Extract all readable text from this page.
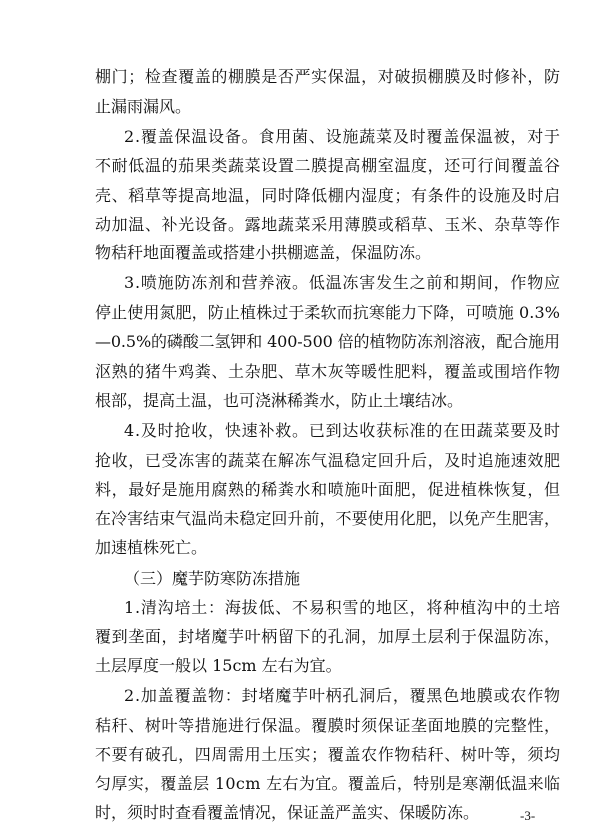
棚门；检查覆盖的棚膜是否严实保温，对破损棚膜及时修补，防
止漏雨漏风。
2.覆盖保温设备。食用菌、设施蔬菜及时覆盖保温被，对于
不耐低温的茄果类蔬菜设置二膜提高棚室温度，还可行间覆盖谷
壳、稻草等提高地温，同时降低棚内湿度；有条件的设施及时启
动加温、补光设备。露地蔬菜采用薄膜或稻草、玉米、杂草等作
物秸秆地面覆盖或搭建小拱棚遮盖，保温防冻。
3.喷施防冻剂和营养液。低温冻害发生之前和期间，作物应
停止使用氮肥，防止植株过于柔软而抗寒能力下降，可喷施 0.3%
—0.5%的磷酸二氢钾和 400-500 倍的植物防冻剂溶液，配合施用
沤熟的猪牛鸡粪、土杂肥、草木灰等暖性肥料，覆盖或围培作物
根部，提高土温，也可浇淋稀粪水，防止土壤结冰。
4.及时抢收，快速补救。已到达收获标准的在田蔬菜要及时
抢收，已受冻害的蔬菜在解冻气温稳定回升后，及时追施速效肥
料，最好是施用腐熟的稀粪水和喷施叶面肥，促进植株恢复，但
在冷害结束气温尚未稳定回升前，不要使用化肥，以免产生肥害，
加速植株死亡。
（三）魔芋防寒防冻措施
1.清沟培土：海拔低、不易积雪的地区，将种植沟中的土培
覆到垄面，封堵魔芋叶柄留下的孔洞，加厚土层利于保温防冻，
土层厚度一般以 15cm 左右为宜。
2.加盖覆盖物：封堵魔芋叶柄孔洞后，覆黑色地膜或农作物
秸秆、树叶等措施进行保温。覆膜时须保证垄面地膜的完整性，
不要有破孔，四周需用土压实；覆盖农作物秸秆、树叶等，须均
匀厚实，覆盖层 10cm 左右为宜。覆盖后，特别是寒潮低温来临
时，须时时查看覆盖情况，保证盖严盖实、保暖防冻。	-3-
